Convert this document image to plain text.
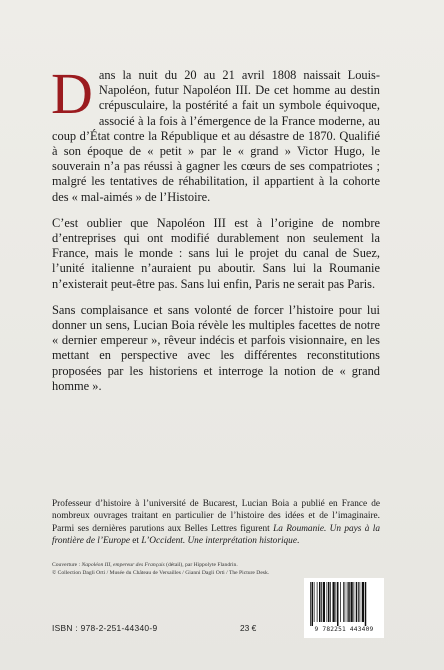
Dans la nuit du 20 au 21 avril 1808 naissait Louis-Napoléon, futur Napoléon III. De cet homme au destin crépusculaire, la postérité a fait un symbole équivoque, associé à la fois à l’émergence de la France moderne, au coup d’État contre la République et au désastre de 1870. Qualifié à son époque de « petit » par le « grand » Victor Hugo, le souverain n’a pas réussi à gagner les cœurs de ses compatriotes ; malgré les tentatives de réhabilitation, il appartient à la cohorte des « mal-aimés » de l’Histoire.

C’est oublier que Napoléon III est à l’origine de nombre d’entreprises qui ont modifié durablement non seulement la France, mais le monde : sans lui le projet du canal de Suez, l’unité italienne n’auraient pu aboutir. Sans lui la Roumanie n’existerait peut-être pas. Sans lui enfin, Paris ne serait pas Paris.

Sans complaisance et sans volonté de forcer l’histoire pour lui donner un sens, Lucian Boia révèle les multiples facettes de notre « dernier empereur », rêveur indécis et parfois visionnaire, en les mettant en perspective avec les différentes reconstitutions proposées par les historiens et interroge la notion de « grand homme ».

Professeur d’histoire à l’université de Bucarest, Lucian Boia a publié en France de nombreux ouvrages traitant en particulier de l’histoire des idées et de l’imaginaire. Parmi ses dernières parutions aux Belles Lettres figurent La Roumanie. Un pays à la frontière de l’Europe et L’Occident. Une interprétation historique.

Couverture : Napoléon III, empereur des Français (détail), par Hippolyte Flandrin.
© Collection Dagli Orti / Musée du Château de Versailles / Gianni Dagli Orti / The Picture Desk.
ISBN : 978-2-251-44340-9	23 €	9 782251 443409
